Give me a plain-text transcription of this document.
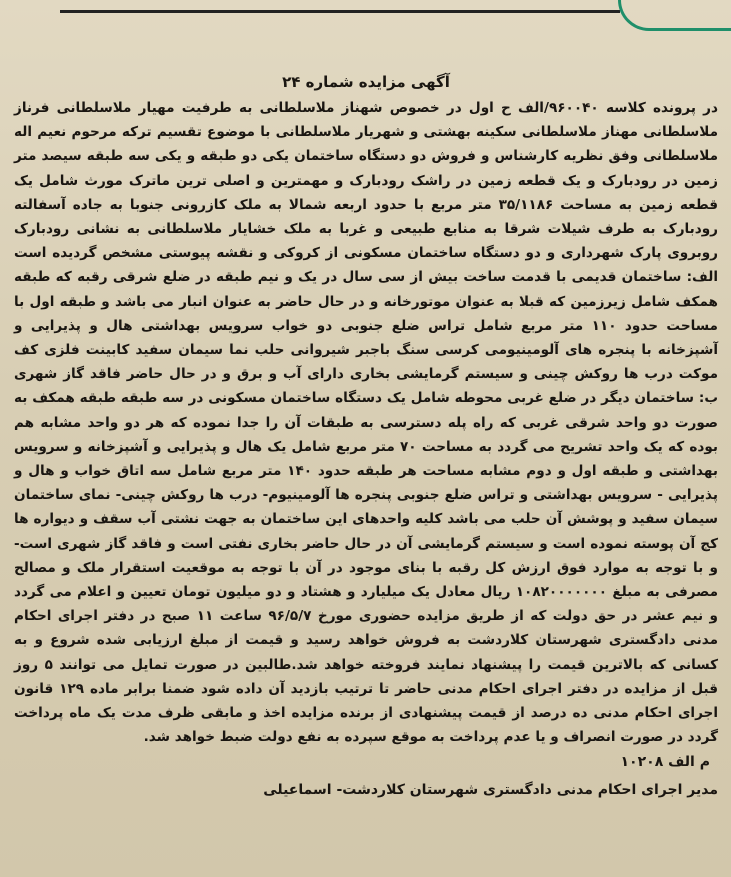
آگهی مزایده شماره ۲۴

در پرونده کلاسه ۹۶۰۰۴۰/الف ح اول در خصوص شهناز ملاسلطانی به طرفیت مهیار ملاسلطانی فرناز ملاسلطانی مهناز ملاسلطانی سکینه بهشتی و شهریار ملاسلطانی با موضوع تقسیم ترکه مرحوم نعیم اله ملاسلطانی وفق نظریه کارشناس و فروش دو دستگاه ساختمان یکی دو طبقه و یکی سه طبقه سیصد متر زمین در رودبارک و یک قطعه زمین در راشک رودبارک و مهمترین و اصلی ترین ماترک مورث شامل یک قطعه زمین به مساحت ۳۵/۱۱۸۶ متر مربع با حدود اربعه شمالا به ملک کازرونی جنوبا به جاده آسفالته رودبارک به طرف شیلات شرقا به منابع طبیعی و غربا به ملک خشایار ملاسلطانی به نشانی رودبارک روبروی پارک شهرداری و دو دستگاه ساختمان مسکونی از کروکی و نقشه پیوستی مشخص گردیده است الف: ساختمان قدیمی با قدمت ساخت بیش از سی سال در یک و نیم طبقه در ضلع شرقی رقبه که طبقه همکف شامل زیرزمین که قبلا به عنوان موتورخانه و در حال حاضر به عنوان انبار می باشد و طبقه اول با مساحت حدود ۱۱۰ متر مربع شامل تراس ضلع جنوبی دو خواب سرویس بهداشتی هال و پذیرایی و آشپزخانه با پنجره های آلومینیومی کرسی سنگ باجبر شیروانی حلب نما سیمان سفید کابینت فلزی کف موکت درب ها روکش چینی و سیستم گرمایشی بخاری دارای آب و برق و در حال حاضر فاقد گاز شهری ب: ساختمان دیگر در ضلع غربی محوطه شامل یک دستگاه ساختمان مسکونی در سه طبقه طبقه همکف به صورت دو واحد شرقی غربی که راه پله دسترسی به طبقات آن را جدا نموده که هر دو واحد مشابه هم بوده که یک واحد تشریح می گردد به مساحت ۷۰ متر مربع شامل یک هال و پذیرایی و آشپزخانه و سرویس بهداشتی و طبقه اول و دوم مشابه مساحت هر طبقه حدود ۱۴۰ متر مربع شامل سه اتاق خواب و هال و پذیرایی - سرویس بهداشتی و تراس ضلع جنوبی پنجره ها آلومینیوم- درب ها روکش چینی- نمای ساختمان سیمان سفید و پوشش آن حلب می باشد کلیه واحدهای این ساختمان به جهت نشتی آب سقف و دیواره ها کج آن پوسته نموده است و سیستم گرمایشی آن در حال حاضر بخاری نفتی است و فاقد گاز شهری است- و با توجه به موارد فوق ارزش کل رقبه با بنای موجود در آن با توجه به موقعیت استقرار ملک و مصالح مصرفی به مبلغ ۱۰۸۲۰۰۰۰۰۰۰ ریال معادل یک میلیارد و هشتاد و دو میلیون تومان تعیین و اعلام می گردد و نیم عشر در حق دولت که از طریق مزایده حضوری مورخ ۹۶/۵/۷ ساعت ۱۱ صبح در دفتر اجرای احکام مدنی دادگستری شهرستان کلاردشت به فروش خواهد رسید و قیمت از مبلغ ارزیابی شده شروع و به کسانی که بالاترین قیمت را پیشنهاد نمایند فروخته خواهد شد.طالبین در صورت تمایل می توانند ۵ روز قبل از مزایده در دفتر اجرای احکام مدنی حاضر تا ترتیب بازدید آن داده شود ضمنا برابر ماده ۱۲۹ قانون اجرای احکام مدنی ده درصد از قیمت پیشنهادی از برنده مزایده اخذ و مابقی ظرف مدت یک ماه پرداخت گردد در صورت انصراف و یا عدم پرداخت به موقع سپرده به نفع دولت ضبط خواهد شد.

م الف ۱۰۲۰۸
مدیر اجرای احکام مدنی دادگستری شهرستان کلاردشت- اسماعیلی
